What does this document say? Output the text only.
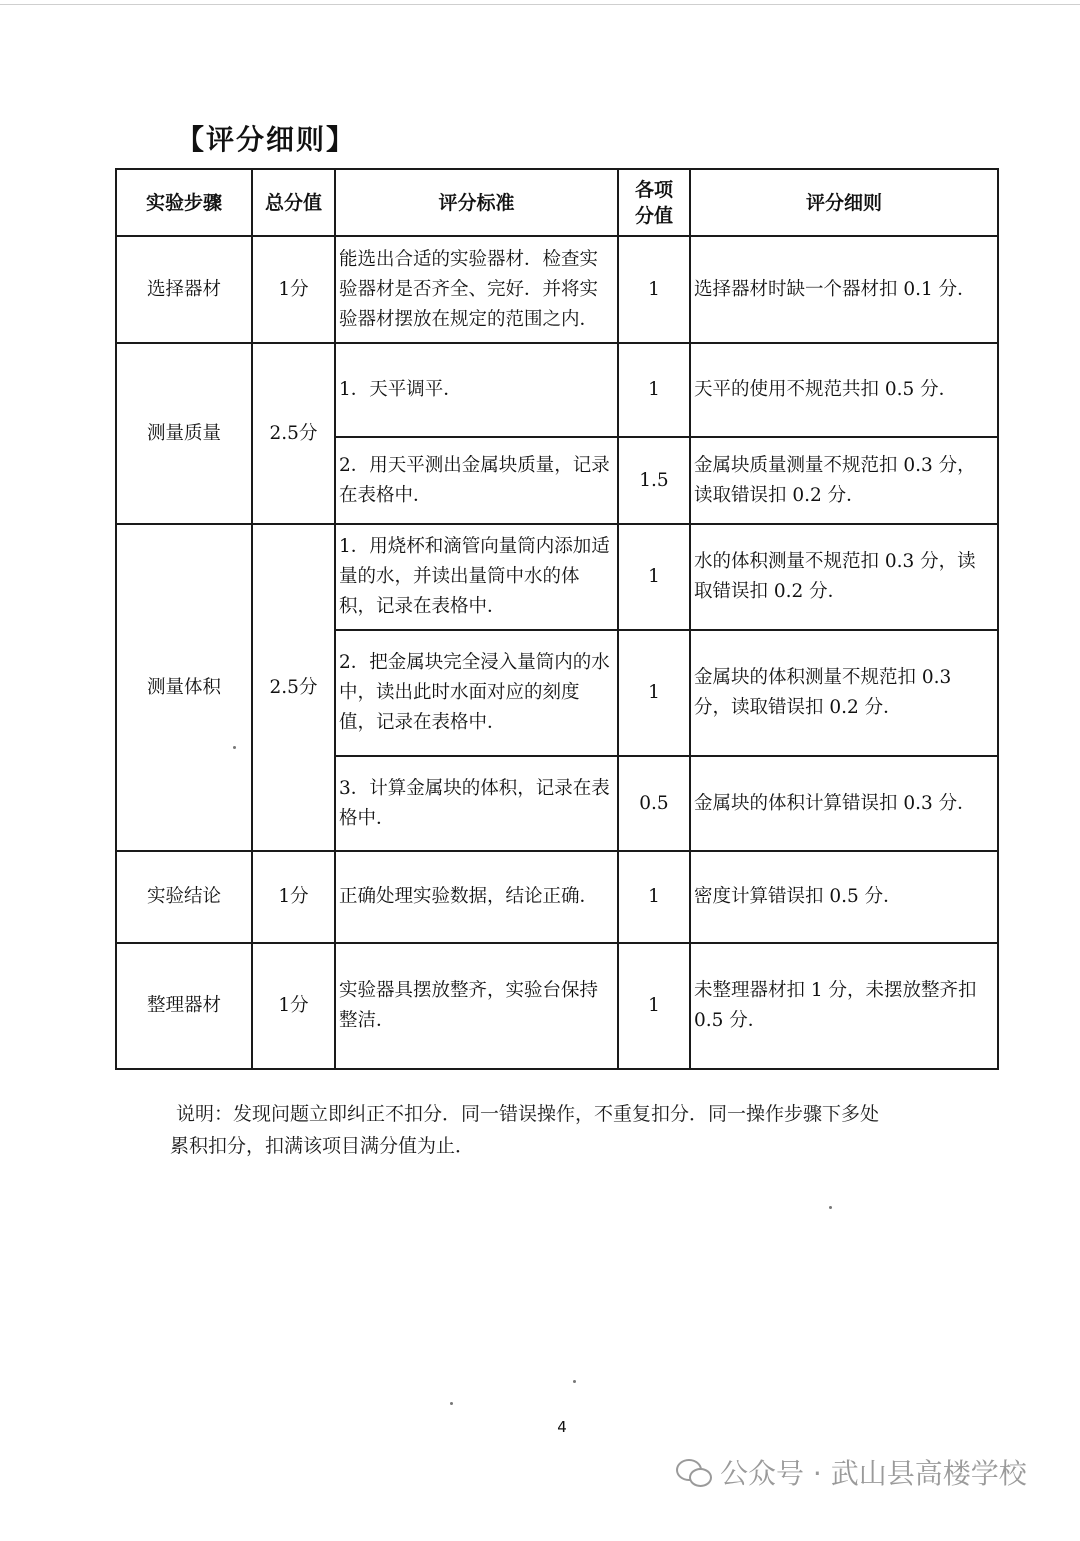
【评分细则】
实验步骤	总分值	评分标准	各项分值	评分细则
选择器材	1分	能选出合适的实验器材．检查实验器材是否齐全、完好．并将实验器材摆放在规定的范围之内．	1	选择器材时缺一个器材扣 0.1 分．
测量质量	2.5分	1．天平调平．	1	天平的使用不规范共扣 0.5 分．
		2．用天平测出金属块质量，记录在表格中．	1.5	金属块质量测量不规范扣 0.3 分，读取错误扣 0.2 分．
测量体积	2.5分	1．用烧杯和滴管向量筒内添加适量的水，并读出量筒中水的体积，记录在表格中．	1	水的体积测量不规范扣 0.3 分，读取错误扣 0.2 分．
		2．把金属块完全浸入量筒内的水中，读出此时水面对应的刻度值，记录在表格中．	1	金属块的体积测量不规范扣 0.3 分，读取错误扣 0.2 分．
		3．计算金属块的体积，记录在表格中．	0.5	金属块的体积计算错误扣 0.3 分．
实验结论	1分	正确处理实验数据，结论正确．	1	密度计算错误扣 0.5 分．
整理器材	1分	实验器具摆放整齐，实验台保持整洁．	1	未整理器材扣 1 分，未摆放整齐扣 0.5 分．
说明：发现问题立即纠正不扣分．同一错误操作，不重复扣分．同一操作步骤下多处
累积扣分，扣满该项目满分值为止．
4
公众号 · 武山县高楼学校
